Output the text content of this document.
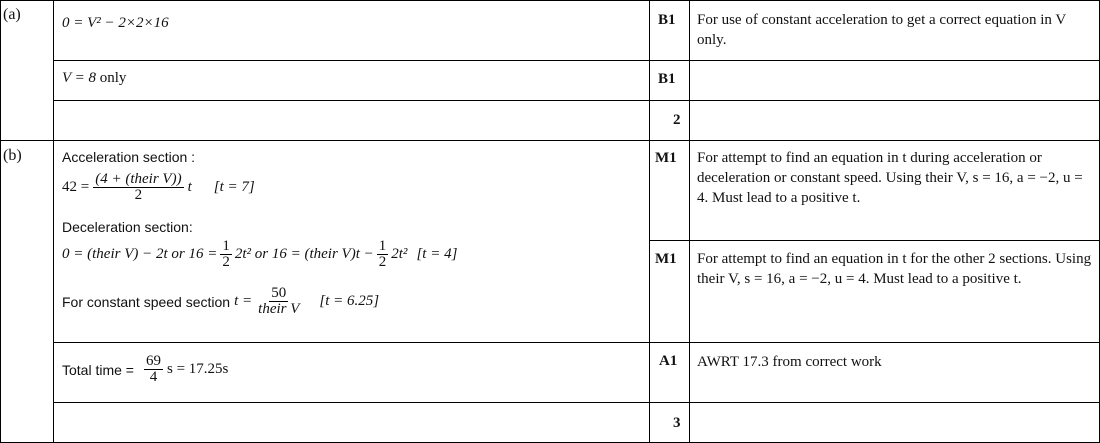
(a)
(b)
0 = V² − 2×2×16
V = 8 only
B1
B1
2
For use of constant acceleration to get a correct equation in V only.
Acceleration section :
$42 = \frac{\text{(4 + (their V))}}{2}$ t [t = 7]
Deceleration section:
0 = (their V) − 2t or $16 = \frac{1}{2} 2t^2$ or 16 = (their $V)t - \frac{1}{2} 2t^2$ [t = 4]
For constant speed section $t = \frac{50}{\text{their V}} [t = 6.25]$
Total time = $\frac{69}{4}$ s = 17.25s
M1
M1
A1
3
For attempt to find an equation in t during acceleration or deceleration or constant speed. Using their V, s = 16, a = −2, u = 4. Must lead to a positive t.
For attempt to find an equation in t for the other 2 sections. Using their V, s = 16, a = −2, u = 4. Must lead to a positive t.
AWRT 17.3 from correct work
